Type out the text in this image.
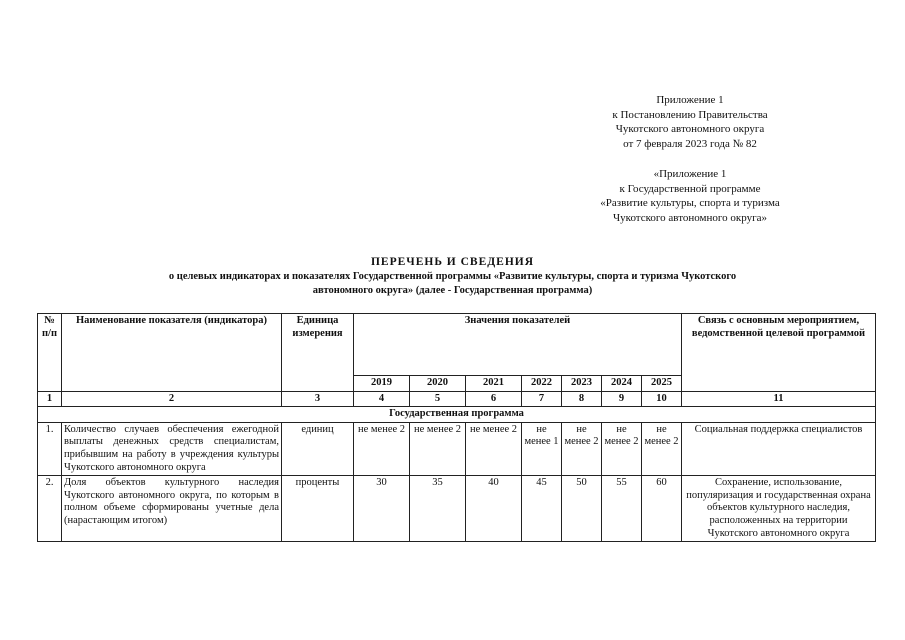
Приложение 1
к Постановлению Правительства
Чукотского автономного округа
от 7 февраля 2023 года № 82
«Приложение 1
к Государственной программе
«Развитие культуры, спорта и туризма
Чукотского автономного округа»
ПЕРЕЧЕНЬ И СВЕДЕНИЯ
о целевых индикаторах и показателях Государственной программы «Развитие культуры, спорта и туризма Чукотского
автономного округа» (далее - Государственная программа)
№ п/п	Наименование показателя (индикатора)	Единица измерения	Значения показателей							Связь с основным мероприятием, ведомственной целевой программой
			2019	2020	2021	2022	2023	2024	2025	
1	2	3	4	5	6	7	8	9	10	11
Государственная программа										
1.	Количество случаев обеспечения ежегодной выплаты денежных средств специалистам, прибывшим на работу в учреждения культуры Чукотского автономного округа	единиц	не менее 2	не менее 2	не менее 2	не менее 1	не менее 2	не менее 2	не менее 2	Социальная поддержка специалистов
2.	Доля объектов культурного наследия Чукотского автономного округа, по которым в полном объеме сформированы учетные дела (нарастающим итогом)	проценты	30	35	40	45	50	55	60	Сохранение, использование, популяризация и государственная охрана объектов культурного наследия, расположенных на территории Чукотского автономного округа
